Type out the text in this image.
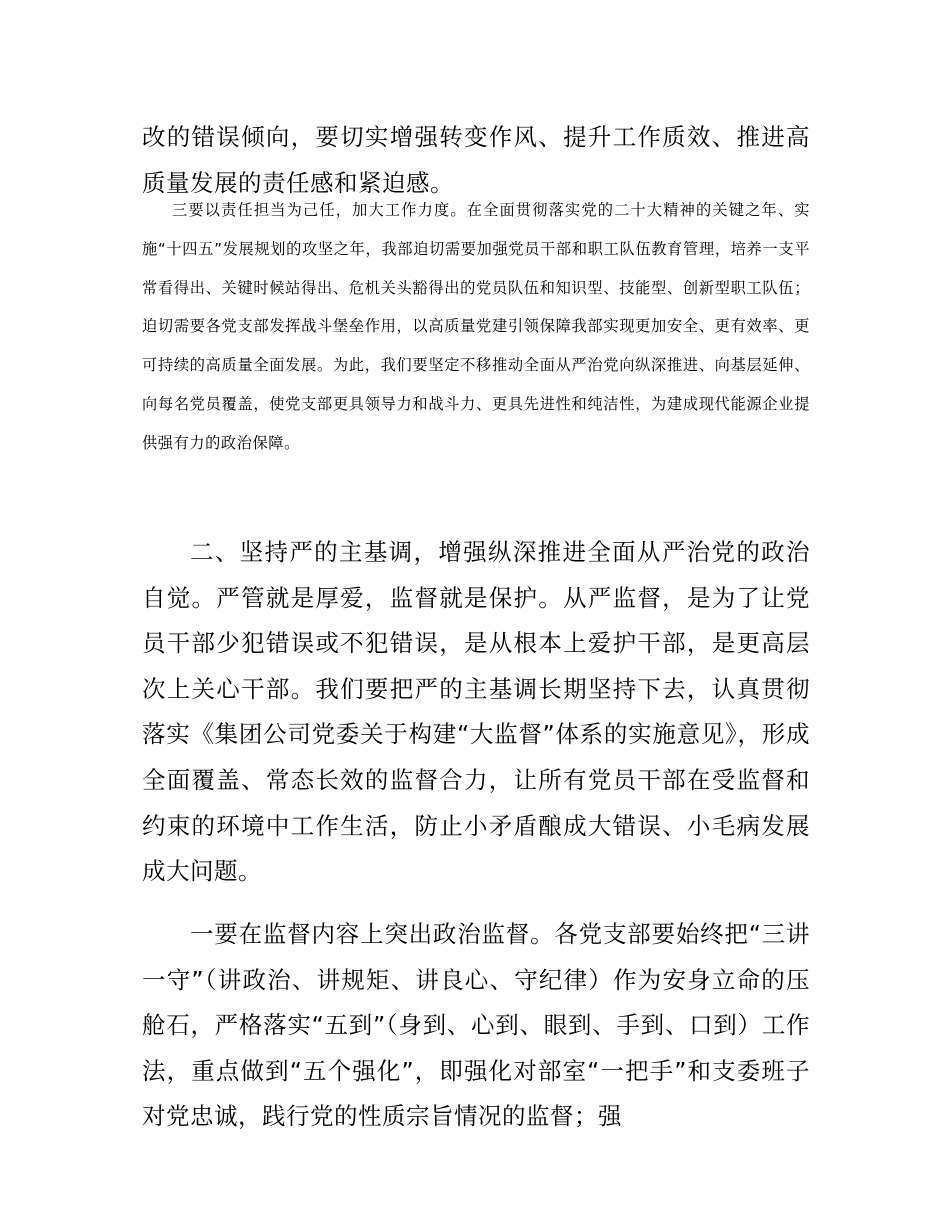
改的错误倾向，要切实增强转变作风、提升工作质效、推进高质量发展的责任感和紧迫感。

三要以责任担当为己任，加大工作力度。在全面贯彻落实党的二十大精神的关键之年、实施“十四五”发展规划的攻坚之年，我部迫切需要加强党员干部和职工队伍教育管理，培养一支平常看得出、关键时候站得出、危机关头豁得出的党员队伍和知识型、技能型、创新型职工队伍；迫切需要各党支部发挥战斗堡垒作用，以高质量党建引领保障我部实现更加安全、更有效率、更可持续的高质量全面发展。为此，我们要坚定不移推动全面从严治党向纵深推进、向基层延伸、向每名党员覆盖，使党支部更具领导力和战斗力、更具先进性和纯洁性，为建成现代能源企业提供强有力的政治保障。

二、坚持严的主基调，增强纵深推进全面从严治党的政治自觉。严管就是厚爱，监督就是保护。从严监督，是为了让党员干部少犯错误或不犯错误，是从根本上爱护干部，是更高层次上关心干部。我们要把严的主基调长期坚持下去，认真贯彻落实《集团公司党委关于构建“大监督”体系的实施意见》，形成全面覆盖、常态长效的监督合力，让所有党员干部在受监督和约束的环境中工作生活，防止小矛盾酿成大错误、小毛病发展成大问题。

一要在监督内容上突出政治监督。各党支部要始终把“三讲一守”（讲政治、讲规矩、讲良心、守纪律）作为安身立命的压舱石，严格落实“五到”（身到、心到、眼到、手到、口到）工作法，重点做到“五个强化”，即强化对部室“一把手”和支委班子对党忠诚，践行党的性质宗旨情况的监督；强
